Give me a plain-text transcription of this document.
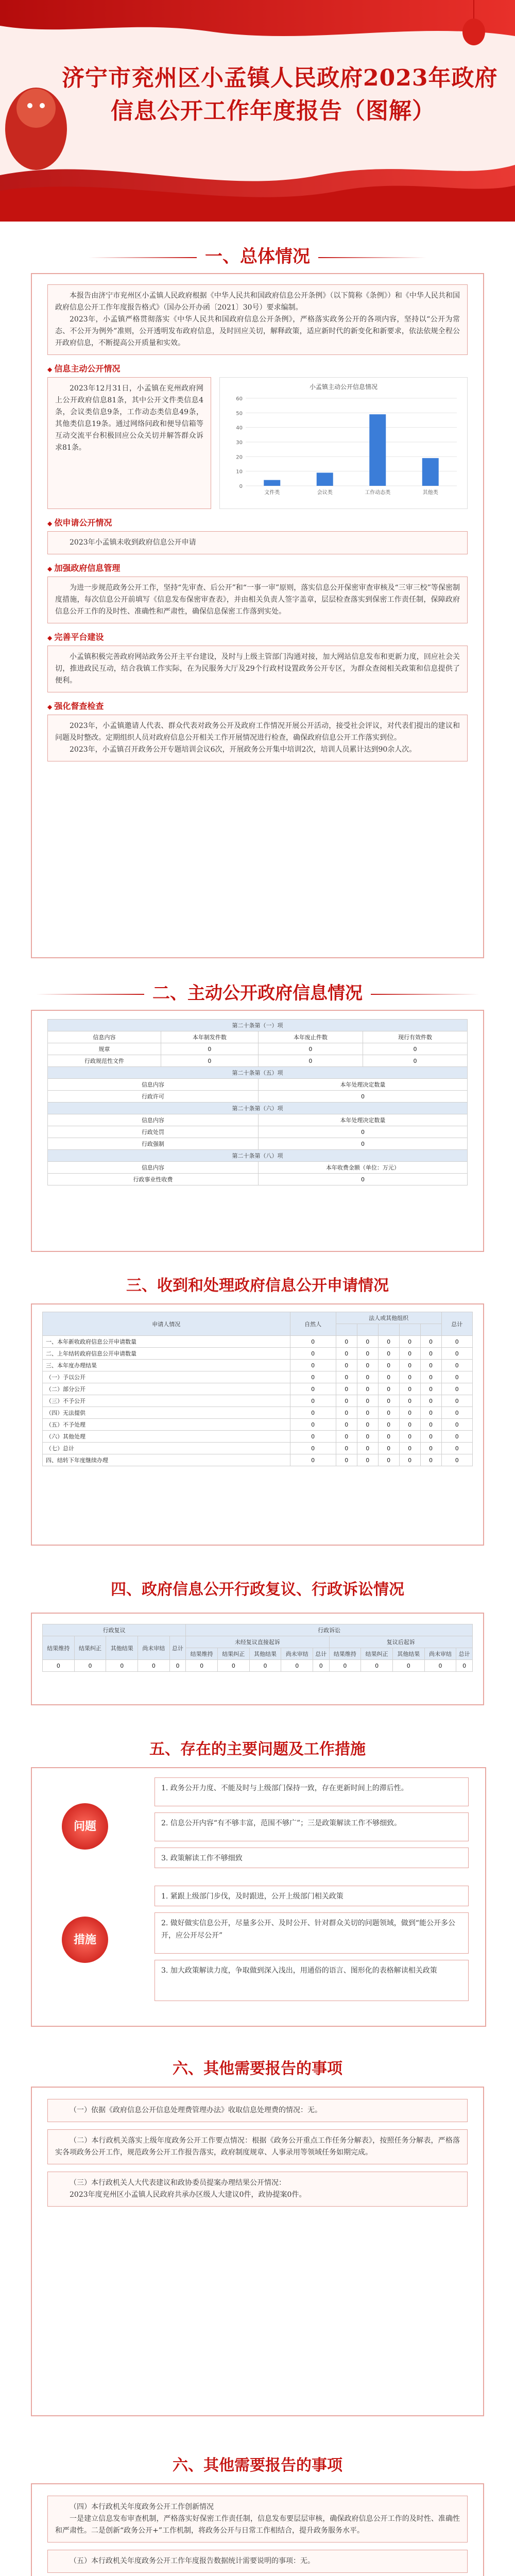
济宁市兖州区小孟镇人民政府2023年政府
信息公开工作年度报告（图解）
一、总体情况
本报告由济宁市兖州区小孟镇人民政府根据《中华人民共和国政府信息公开条例》（以下简称《条例》）和《中华人民共和国政府信息公开工作年度报告格式》（国办公开办函〔2021〕30号）要求编制。
2023年，小孟镇严格贯彻落实《中华人民共和国政府信息公开条例》，严格落实政务公开的各项内容，坚持以“公开为常态、不公开为例外”准则，公开透明发布政府信息，及时回应关切，解释政策，适应新时代的新变化和新要求，依法依规全程公开政府信息，不断提高公开质量和实效。
◆ 信息主动公开情况
2023年12月31日，小孟镇在兖州政府网上公开政府信息81条，其中公开文件类信息4条，会议类信息9条，工作动态类信息49条，其他类信息19条。通过网络问政和便导信箱等互动交流平台积极回应公众关切并解答群众诉求81条。
小孟镇主动公开信息情况
0
10
20
30
40
50
60
文件类	会议类	工作动态类	其他类
◆ 依申请公开情况
2023年小孟镇未收到政府信息公开申请
◆ 加强政府信息管理
为进一步规范政务公开工作，坚持“先审查、后公开”和“一事一审”原则，落实信息公开保密审查审核及“三审三校”等保密制度措施，每次信息公开前填写《信息发布保密审查表》，并由相关负责人签字盖章，层层检查落实到保密工作责任制，保障政府信息公开工作的及时性、准确性和严肃性，确保信息保密工作落到实处。
◆ 完善平台建设
小孟镇积极完善政府网站政务公开主平台建设，及时与上级主管部门沟通对接，加大网站信息发布和更新力度，回应社会关切，推进政民互动，结合我镇工作实际，在为民服务大厅及29个行政村设置政务公开专区，为群众查阅相关政策和信息提供了便利。
◆ 强化督查检查
2023年，小孟镇邀请人代表、群众代表对政务公开及政府工作情况开展公开活动，接受社会评议，对代表们提出的建议和问题及时整改。定期组织人员对政府信息公开相关工作开展情况进行检查，确保政府信息公开工作落实到位。
2023年，小孟镇召开政务公开专题培训会议6次，开展政务公开集中培训2次，培训人员累计达到90余人次。
二、主动公开政府信息情况
第二十条第（一）项			
信息内容	本年制发件数	本年废止件数	现行有效件数
规章	0	0	0
行政规范性文件	0	0	0
第二十条第（五）项			
信息内容		本年处理决定数量	
行政许可		0	
第二十条第（六）项			
信息内容		本年处理决定数量	
行政处罚		0	
行政强制		0	
第二十条第（八）项			
信息内容		本年收费金额（单位：万元）	
行政事业性收费		0	
三、收到和处理政府信息公开申请情况
申请人情况	自然人	法人或其他组织					总计

一、本年新收政府信息公开申请数量	0	0	0	0	0	0	0
二、上年结转政府信息公开申请数量	0	0	0	0	0	0	0
三、本年度办理结果	0	0	0	0	0	0	0
（一）予以公开	0	0	0	0	0	0	0
（二）部分公开	0	0	0	0	0	0	0
（三）不予公开	0	0	0	0	0	0	0
（四）无法提供	0	0	0	0	0	0	0
（五）不予处理	0	0	0	0	0	0	0
（六）其他处理	0	0	0	0	0	0	0
（七）总计	0	0	0	0	0	0	0
四、结转下年度继续办理	0	0	0	0	0	0	0
四、政府信息公开行政复议、行政诉讼情况
行政复议					行政诉讼									
结果维持	结果纠正	其他结果	尚未审结	总计	未经复议直接起诉					复议后起诉				
					结果维持	结果纠正	其他结果	尚未审结	总计	结果维持	结果纠正	其他结果	尚未审结	总计
0	0	0	0	0	0	0	0	0	0	0	0	0	0	0
五、存在的主要问题及工作措施
问题
1. 政务公开力度、不能及时与上级部门保持一致，存在更新时间上的滞后性。
2. 信息公开内容“有不够丰富，范围不够广”；三是政策解读工作不够细致。
3. 政策解读工作不够细致
措施
1. 紧跟上级部门步伐，及时跟进，公开上级部门相关政策
2. 做好做实信息公开，尽量多公开、及时公开、针对群众关切的问题领域，做到“能公开多公开，应公开尽公开”
3. 加大政策解读力度，争取做到深入浅出，用通俗的语言、图形化的表格解读相关政策
六、其他需要报告的事项
（一）依据《政府信息公开信息处理费管理办法》收取信息处理费的情况：无。
（二）本行政机关落实上级年度政务公开工作要点情况：根据《政务公开重点工作任务分解表》，按照任务分解表，严格落实各项政务公开工作，规范政务公开工作报告落实，政府制度规章、人事录用等领域任务如期完成。
（三）本行政机关人大代表建议和政协委员提案办理结果公开情况：
2023年度兖州区小孟镇人民政府共承办区级人大建议0件，政协提案0件。
六、其他需要报告的事项
（四）本行政机关年度政务公开工作创新情况
一是建立信息发布审查机制，严格落实好保密工作责任制，信息发布要层层审核，确保政府信息公开工作的及时性、准确性和严肃性。二是创新“政务公开+”工作机制，将政务公开与日常工作相结合，提升政务服务水平。
（五）本行政机关年度政务公开工作年度报告数据统计需要说明的事项：无。
